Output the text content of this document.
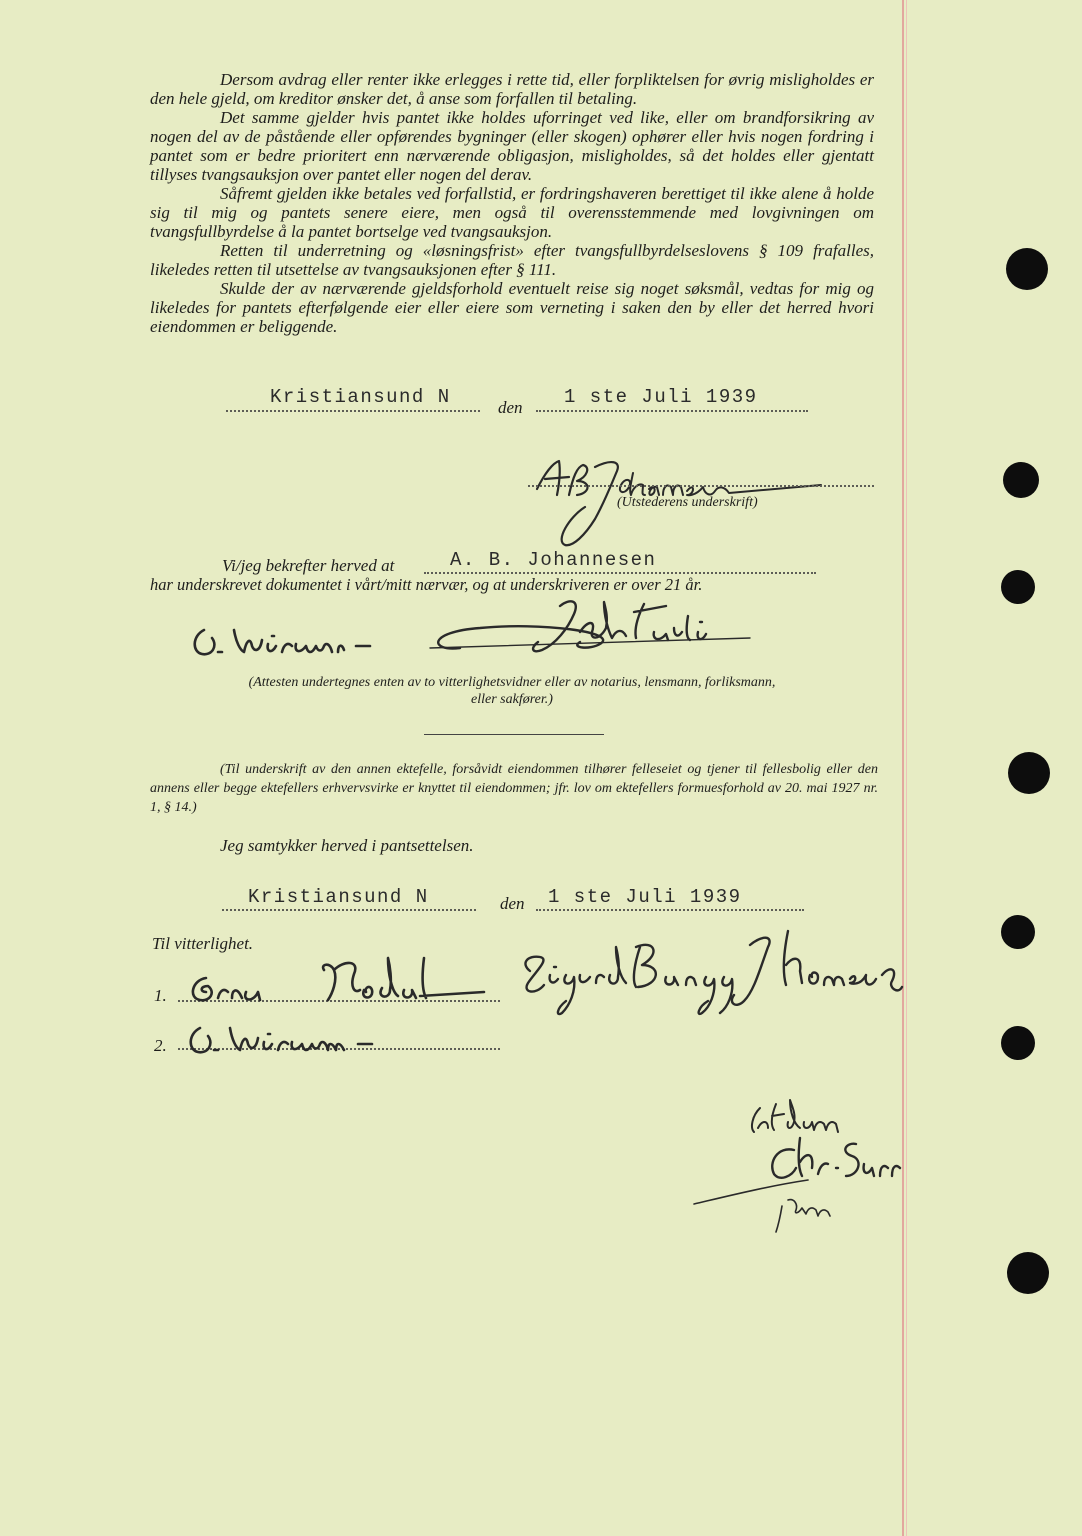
Dersom avdrag eller renter ikke erlegges i rette tid, eller forpliktelsen for øvrig misligholdes er den hele gjeld, om kreditor ønsker det, å anse som forfallen til betaling.

Det samme gjelder hvis pantet ikke holdes uforringet ved like, eller om brandforsikring av nogen del av de påstående eller opførendes bygninger (eller skogen) ophører eller hvis nogen fordring i pantet som er bedre prioritert enn nærværende obligasjon, misligholdes, så det holdes eller gjentatt tillyses tvangsauksjon over pantet eller nogen del derav.

Såfremt gjelden ikke betales ved forfallstid, er fordringshaveren berettiget til ikke alene å holde sig til mig og pantets senere eiere, men også til overensstemmende med lovgivningen om tvangsfullbyrdelse å la pantet bortselge ved tvangsauksjon.

Retten til underretning og «løsningsfrist» efter tvangsfullbyrdelseslovens § 109 frafalles, likeledes retten til utsettelse av tvangsauksjonen efter § 111.

Skulde der av nærværende gjeldsforhold eventuelt reise sig noget søksmål, vedtas for mig og likeledes for pantets efterfølgende eier eller eiere som verneting i saken den by eller det herred hvori eiendommen er beliggende.

Kristiansund N	den 1 ste Juli 1939
(Utstederens underskrift)
Vi/jeg bekrefter herved at	A. B. Johannesen
har underskrevet dokumentet i vårt/mitt nærvær, og at underskriveren er over 21 år.
(Attesten undertegnes enten av to vitterlighetsvidner eller av notarius, lensmann, forliksmann,
eller sakfører.)
(Til underskrift av den annen ektefelle, forsåvidt eiendommen tilhører felleseiet og tjener til fellesbolig eller den annens eller begge ektefellers erhvervsvirke er knyttet til eiendommen; jfr. lov om ektefellers formuesforhold av 20. mai 1927 nr. 1, § 14.)
Jeg samtykker herved i pantsettelsen.
Kristiansund N	den 1 ste Juli 1939
Til vitterlighet.
1.
2.
